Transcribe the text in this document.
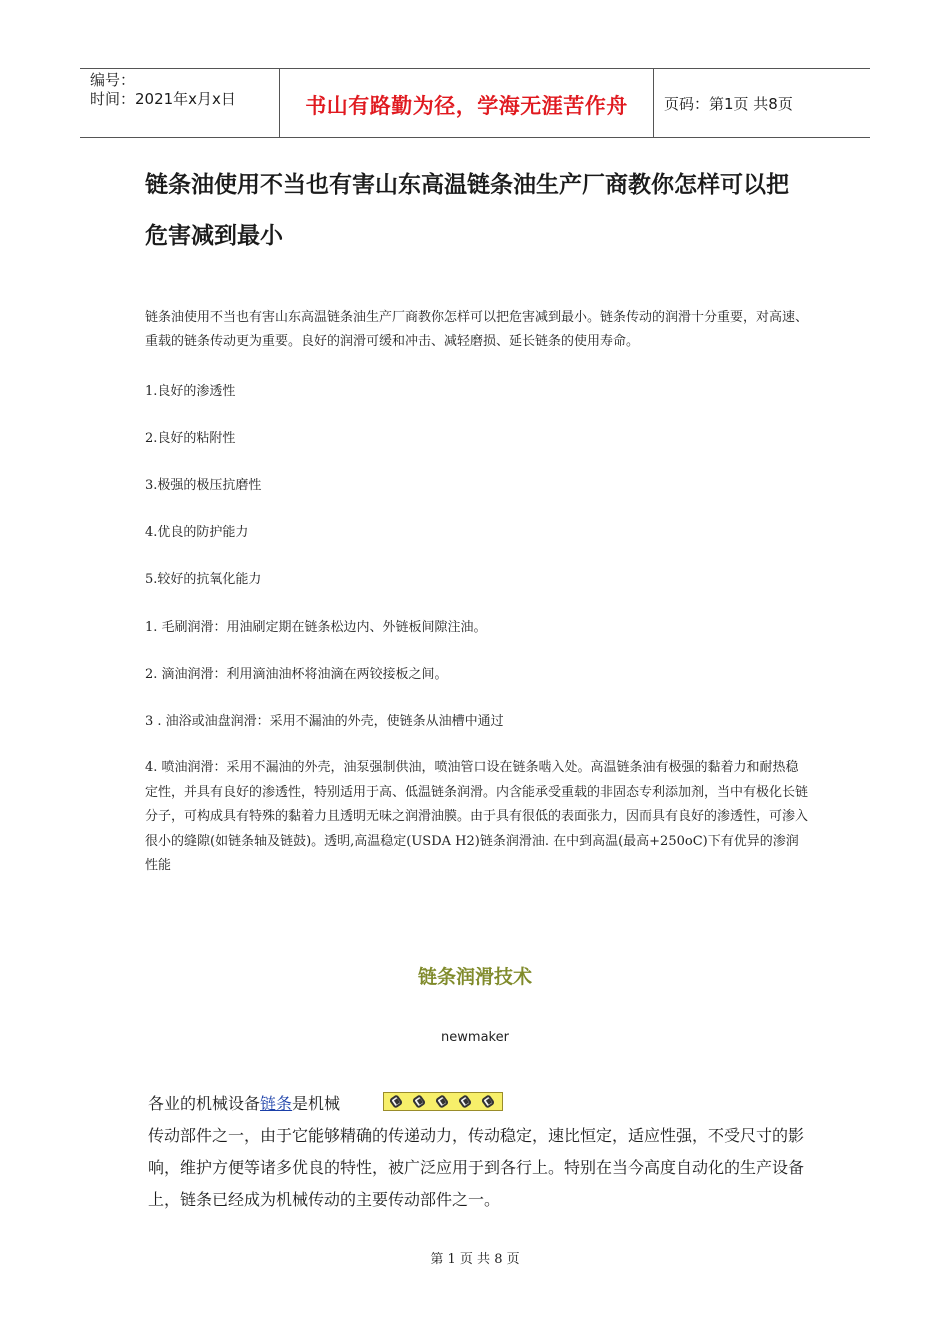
编号：
时间：2021年x月x日	书山有路勤为径，学海无涯苦作舟	页码：第1页 共8页
链条油使用不当也有害山东高温链条油生产厂商教你怎样可以把危害减到最小
链条油使用不当也有害山东高温链条油生产厂商教你怎样可以把危害减到最小。链条传动的润滑十分重要，对高速、重载的链条传动更为重要。良好的润滑可缓和冲击、减轻磨损、延长链条的使用寿命。
1.良好的渗透性
2.良好的粘附性
3.极强的极压抗磨性
4.优良的防护能力
5.较好的抗氧化能力
1. 毛刷润滑：用油刷定期在链条松边内、外链板间隙注油。
2. 滴油润滑：利用滴油油杯将油滴在两铰接板之间。
3 . 油浴或油盘润滑：采用不漏油的外壳，使链条从油槽中通过
4. 喷油润滑：采用不漏油的外壳，油泵强制供油，喷油管口设在链条啮入处。高温链条油有极强的黏着力和耐热稳定性，并具有良好的渗透性，特别适用于高、低温链条润滑。内含能承受重载的非固态专利添加剂，当中有极化长链分子，可构成具有特殊的黏着力且透明无味之润滑油膜。由于具有很低的表面张力，因而具有良好的渗透性，可渗入很小的缝隙(如链条轴及链鼓)。透明,高温稳定(USDA H2)链条润滑油. 在中到高温(最高+250oC)下有优异的渗润性能
链条润滑技术
newmaker
各业的机械设备链条是机械
传动部件之一，由于它能够精确的传递动力，传动稳定，速比恒定，适应性强，不受尺寸的影响，维护方便等诸多优良的特性，被广泛应用于到各行上。特别在当今高度自动化的生产设备上，链条已经成为机械传动的主要传动部件之一。
第 1 页 共 8 页
